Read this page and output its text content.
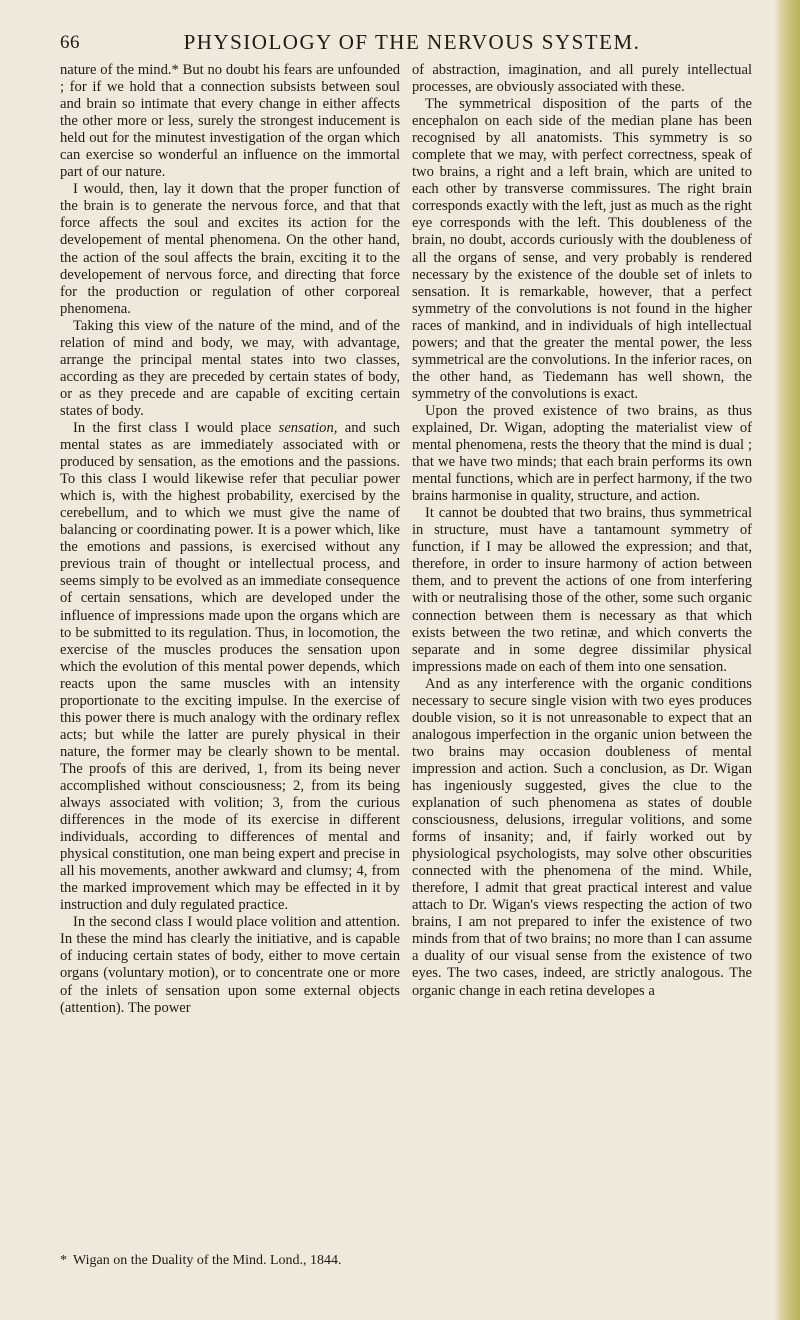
66	PHYSIOLOGY OF THE NERVOUS SYSTEM.

nature of the mind.* But no doubt his fears are unfounded ; for if we hold that a connection subsists between soul and brain so intimate that every change in either affects the other more or less, surely the strongest inducement is held out for the minutest investigation of the organ which can exercise so wonderful an influence on the immortal part of our nature.

I would, then, lay it down that the proper function of the brain is to generate the nervous force, and that that force affects the soul and excites its action for the developement of mental phenomena. On the other hand, the action of the soul affects the brain, exciting it to the developement of nervous force, and directing that force for the production or regulation of other corporeal phenomena.

Taking this view of the nature of the mind, and of the relation of mind and body, we may, with advantage, arrange the principal mental states into two classes, according as they are preceded by certain states of body, or as they precede and are capable of exciting certain states of body.

In the first class I would place sensation, and such mental states as are immediately associated with or produced by sensation, as the emotions and the passions. To this class I would likewise refer that peculiar power which is, with the highest probability, exercised by the cerebellum, and to which we must give the name of balancing or coordinating power. It is a power which, like the emotions and passions, is exercised without any previous train of thought or intellectual process, and seems simply to be evolved as an immediate consequence of certain sensations, which are developed under the influence of impressions made upon the organs which are to be submitted to its regulation. Thus, in locomotion, the exercise of the muscles produces the sensation upon which the evolution of this mental power depends, which reacts upon the same muscles with an intensity proportionate to the exciting impulse. In the exercise of this power there is much analogy with the ordinary reflex acts; but while the latter are purely physical in their nature, the former may be clearly shown to be mental. The proofs of this are derived, 1, from its being never accomplished without consciousness; 2, from its being always associated with volition; 3, from the curious differences in the mode of its exercise in different individuals, according to differences of mental and physical constitution, one man being expert and precise in all his movements, another awkward and clumsy; 4, from the marked improvement which may be effected in it by instruction and duly regulated practice.

In the second class I would place volition and attention. In these the mind has clearly the initiative, and is capable of inducing certain states of body, either to move certain organs (voluntary motion), or to concentrate one or more of the inlets of sensation upon some external objects (attention). The power

* Wigan on the Duality of the Mind. Lond., 1844.

of abstraction, imagination, and all purely intellectual processes, are obviously associated with these.

The symmetrical disposition of the parts of the encephalon on each side of the median plane has been recognised by all anatomists. This symmetry is so complete that we may, with perfect correctness, speak of two brains, a right and a left brain, which are united to each other by transverse commissures. The right brain corresponds exactly with the left, just as much as the right eye corresponds with the left. This doubleness of the brain, no doubt, accords curiously with the doubleness of all the organs of sense, and very probably is rendered necessary by the existence of the double set of inlets to sensation. It is remarkable, however, that a perfect symmetry of the convolutions is not found in the higher races of mankind, and in individuals of high intellectual powers; and that the greater the mental power, the less symmetrical are the convolutions. In the inferior races, on the other hand, as Tiedemann has well shown, the symmetry of the convolutions is exact.

Upon the proved existence of two brains, as thus explained, Dr. Wigan, adopting the materialist view of mental phenomena, rests the theory that the mind is dual ; that we have two minds; that each brain performs its own mental functions, which are in perfect harmony, if the two brains harmonise in quality, structure, and action.

It cannot be doubted that two brains, thus symmetrical in structure, must have a tantamount symmetry of function, if I may be allowed the expression; and that, therefore, in order to insure harmony of action between them, and to prevent the actions of one from interfering with or neutralising those of the other, some such organic connection between them is necessary as that which exists between the two retinæ, and which converts the separate and in some degree dissimilar physical impressions made on each of them into one sensation.

And as any interference with the organic conditions necessary to secure single vision with two eyes produces double vision, so it is not unreasonable to expect that an analogous imperfection in the organic union between the two brains may occasion doubleness of mental impression and action. Such a conclusion, as Dr. Wigan has ingeniously suggested, gives the clue to the explanation of such phenomena as states of double consciousness, delusions, irregular volitions, and some forms of insanity; and, if fairly worked out by physiological psychologists, may solve other obscurities connected with the phenomena of the mind. While, therefore, I admit that great practical interest and value attach to Dr. Wigan's views respecting the action of two brains, I am not prepared to infer the existence of two minds from that of two brains; no more than I can assume a duality of our visual sense from the existence of two eyes. The two cases, indeed, are strictly analogous. The organic change in each retina developes a
